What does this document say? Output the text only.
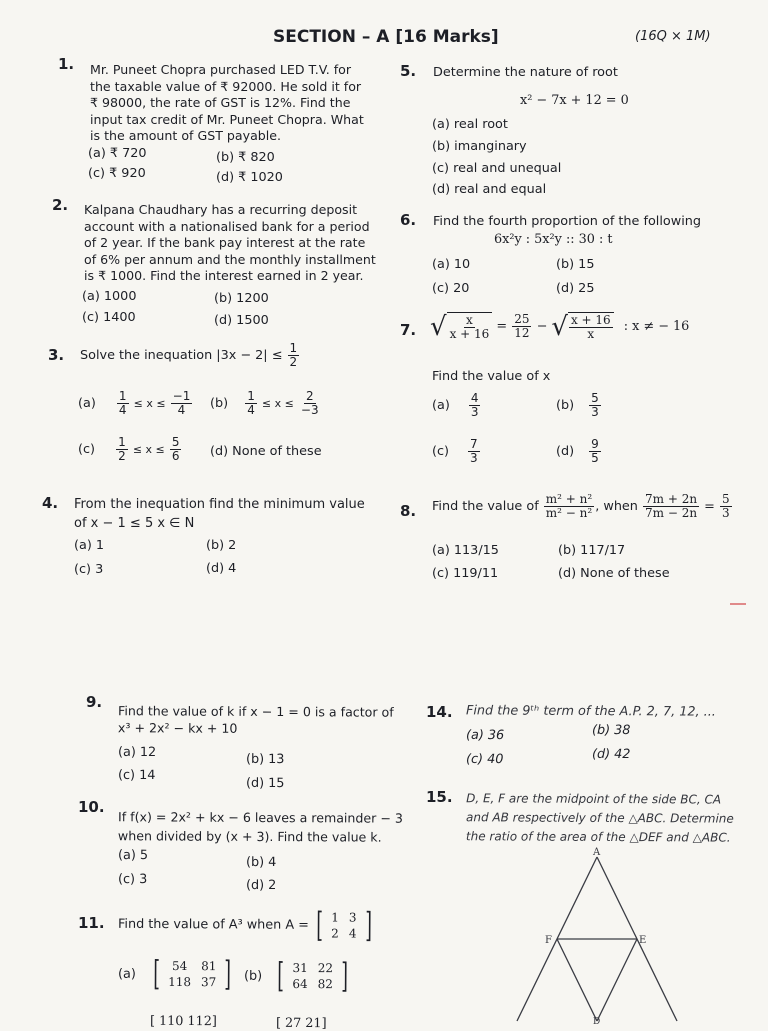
SECTION – A [16 Marks]	(16Q × 1M)
1. Mr. Puneet Chopra purchased LED T.V. for
the taxable value of ₹ 92000. He sold it for
₹ 98000, the rate of GST is 12%. Find the
input tax credit of Mr. Puneet Chopra. What
is the amount of GST payable.
(a) ₹ 720	(b) ₹ 820
(c) ₹ 920	(d) ₹ 1020
2. Kalpana Chaudhary has a recurring deposit
account with a nationalised bank for a period
of 2 year. If the bank pay interest at the rate
of 6% per annum and the monthly installment
is ₹ 1000. Find the interest earned in 2 year.
(a) 1000	(b) 1200
(c) 1400	(d) 1500
3. Solve the inequation $|3x - 2| \le \frac{1}{2}$
$(a) \frac{1}{4} \le x \le \frac{-1}{4} (b) \frac{1}{4} \le x \le \frac{2}{-3}$
$(c) \frac{1}{2} \le x \le \frac{5}{6} (d)$ None of these
4. From the inequation find the minimum value
of x − 1 ≤ 5 x ∈ N
(a) 1	(b) 2
(c) 3	(d) 4
5. Determine the nature of root
x² − 7x + 12 = 0
(a) real root
(b) imanginary
(c) real and unequal
(d) real and equal
6. Find the fourth proportion of the following
6x²y : 5x²y :: 30 : t
(a) 10	(b) 15
(c) 20	(d) 25
7. √ $\frac{x}{x + 16} = \frac{25}{12}$ − √ $\frac{x + 16}{x}$ : x ≠ − 16
Find the value of x
$(a) \frac{4}{3}$	$(b) \frac{5}{3}$
$(c) \frac{7}{3}$	$(d) \frac{9}{5}$
8. Find the value of $\frac{\text{m² + n²}}{\text{m² − n²}}$ , when $\frac{7m + 2n}{7m - 2n} = \frac{5}{3}$
(a) 113/15	(b) 117/17
(c) 119/11	(d) None of these
9.
Find the value of k if x − 1 = 0 is a factor of
x³ + 2x² − kx + 10
(a) 12	(b) 13
(c) 14
(d) 15
10.
If f(x) = 2x² + kx − 6 leaves a remainder − 3
when divided by (x + 3). Find the value k.
(a) 5	(b) 4
(c) 3	(d) 2
11. Find the value of A³ when A = [ 1	3
2	4 ]
(a) [ 54	81
118	37 ] (b) [ 31	22
64	82 ]
[ 110 112]	[ 27 21]
14. Find the 9ᵗʰ term of the A.P. 2, 7, 12, ...
(a) 36	(b) 38
(c) 40	(d) 42
15. D, E, F are the midpoint of the side BC, CA
and AB respectively of the △ABC. Determine
the ratio of the area of the △DEF and △ABC.
A
F	E
D
